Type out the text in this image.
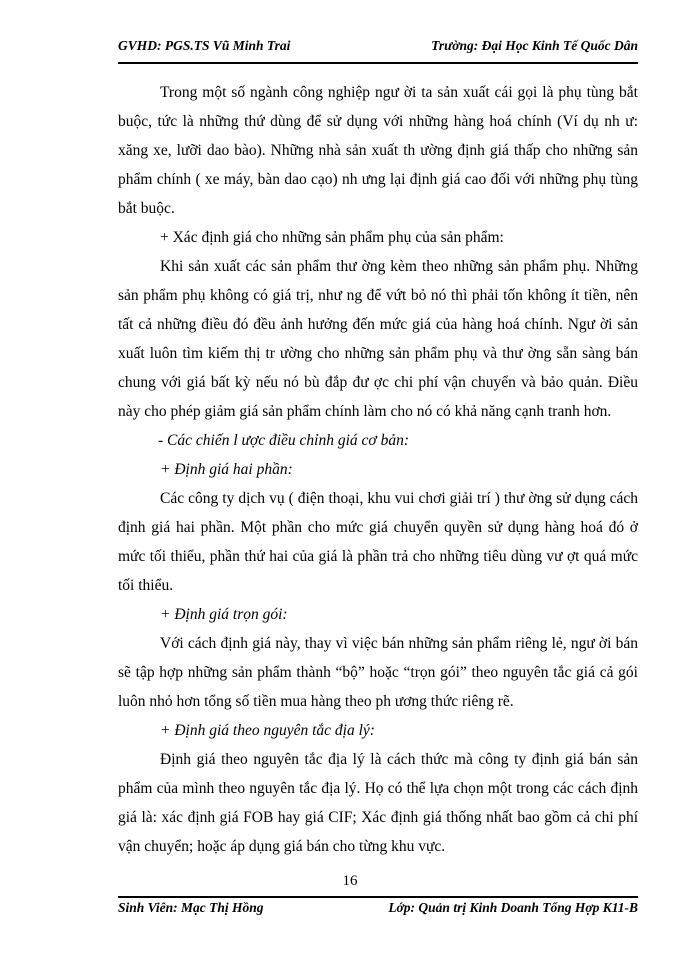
GVHD: PGS.TS Vũ Minh Trai	Trường: Đại Học Kinh Tế Quốc Dân

Trong một số ngành công nghiệp ngư ời ta sản xuất cái gọi là phụ tùng bắt buộc, tức là những thứ dùng để sử dụng với những hàng hoá chính (Ví dụ nh ư: xăng xe, lưỡi dao bào). Những nhà sản xuất th ường định giá thấp cho những sản phẩm chính ( xe máy, bàn dao cạo) nh ưng lại định giá cao đối với những phụ tùng bắt buộc.

+ Xác định giá cho những sản phẩm phụ của sản phẩm:

Khi sản xuất các sản phẩm thư ờng kèm theo những sản phẩm phụ. Những sản phẩm phụ không có giá trị, như ng để vứt bỏ nó thì phải tốn không ít tiền, nên tất cả những điều đó đều ảnh hưởng đến mức giá của hàng hoá chính. Ngư ời sản xuất luôn tìm kiếm thị tr ường cho những sản phẩm phụ và thư ờng sẵn sàng bán chung với giá bất kỳ nếu nó bù đắp đư ợc chi phí vận chuyển và bảo quản. Điều này cho phép giảm giá sản phẩm chính làm cho nó có khả năng cạnh tranh hơn.

- Các chiến l ược điều chỉnh giá cơ bản:

+ Định giá hai phần:

Các công ty dịch vụ ( điện thoại, khu vui chơi giải trí ) thư ờng sử dụng cách định giá hai phần. Một phần cho mức giá chuyển quyền sử dụng hàng hoá đó ở mức tối thiểu, phần thứ hai của giá là phần trả cho những tiêu dùng vư ợt quá mức tối thiểu.

+ Định giá trọn gói:

Với cách định giá này, thay vì việc bán những sản phẩm riêng lẻ, ngư ời bán sẽ tập hợp những sản phẩm thành “bộ” hoặc “trọn gói” theo nguyên tắc giá cả gói luôn nhỏ hơn tổng số tiền mua hàng theo ph ương thức riêng rẽ.

+ Định giá theo nguyên tắc địa lý:

Định giá theo nguyên tắc địa lý là cách thức mà công ty định giá bán sản phẩm của mình theo nguyên tắc địa lý. Họ có thể lựa chọn một trong các cách định giá là: xác định giá FOB hay giá CIF; Xác định giá thống nhất bao gồm cả chi phí vận chuyển; hoặc áp dụng giá bán cho từng khu vực.

16
Sinh Viên: Mạc Thị Hồng	Lớp: Quản trị Kinh Doanh Tổng Hợp K11-B
